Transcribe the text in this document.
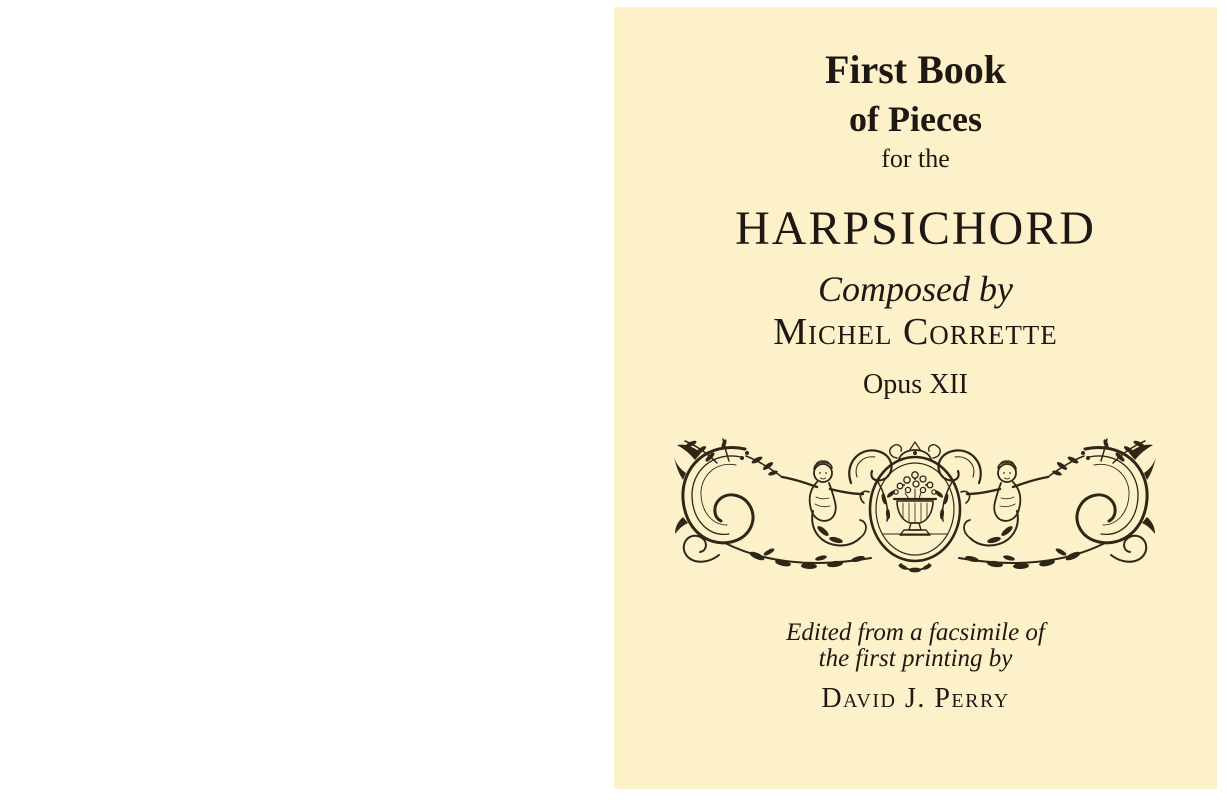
First Book
of Pieces
for the
HARPSICHORD
Composed by
Michel Corrette
Opus XII
Edited from a facsimile of
the first printing by
David J. Perry
